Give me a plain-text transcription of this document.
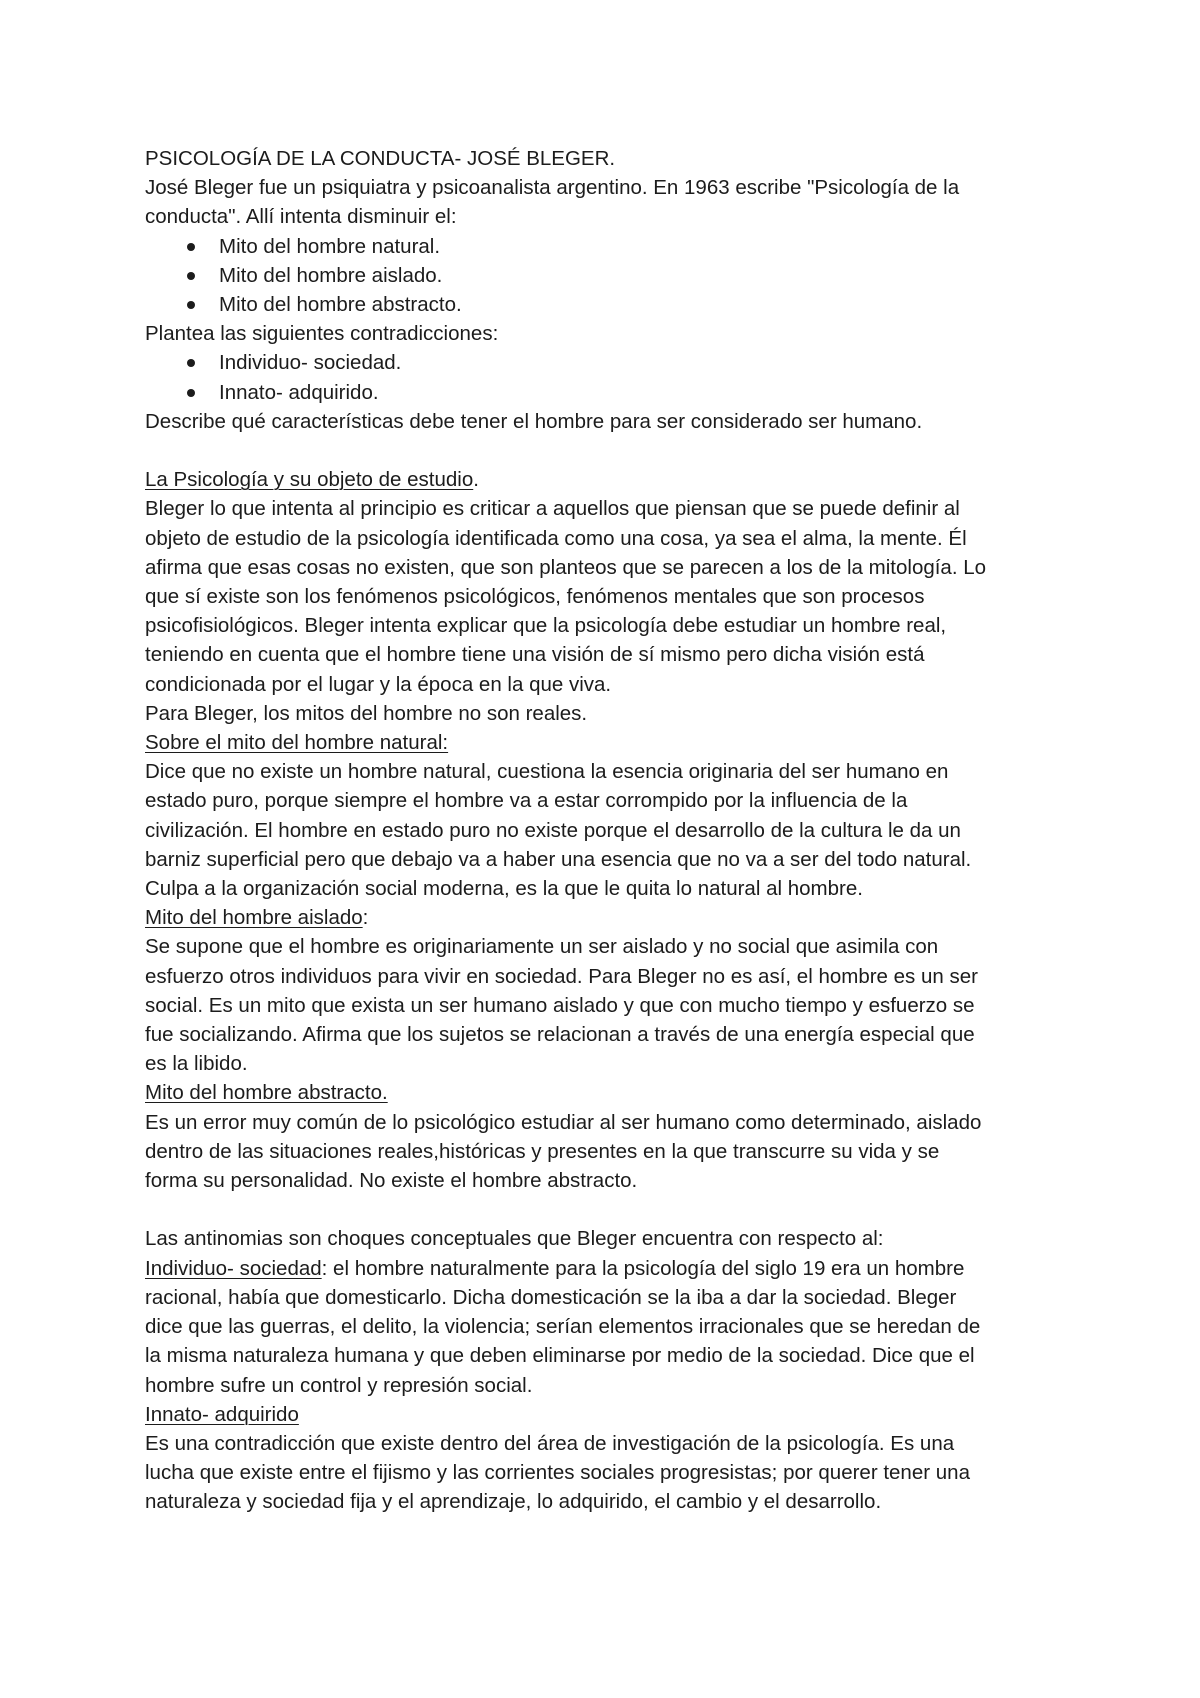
PSICOLOGÍA DE LA CONDUCTA- JOSÉ BLEGER.

José Bleger fue un psiquiatra y psicoanalista argentino. En 1963 escribe "Psicología de la

conducta". Allí intenta disminuir el:

Mito del hombre natural.
Mito del hombre aislado.
Mito del hombre abstracto.

Plantea las siguientes contradicciones:

Individuo- sociedad.
Innato- adquirido.

Describe qué características debe tener el hombre para ser considerado ser humano.

La Psicología y su objeto de estudio.

Bleger lo que intenta al principio es criticar a aquellos que piensan que se puede definir al

objeto de estudio de la psicología identificada como una cosa, ya sea el alma, la mente. Él

afirma que esas cosas no existen, que son planteos que se parecen a los de la mitología. Lo

que sí existe son los fenómenos psicológicos, fenómenos mentales que son procesos

psicofisiológicos. Bleger intenta explicar que la psicología debe estudiar un hombre real,

teniendo en cuenta que el hombre tiene una visión de sí mismo pero dicha visión está

condicionada por el lugar y la época en la que viva.

Para Bleger, los mitos del hombre no son reales.

Sobre el mito del hombre natural:

Dice que no existe un hombre natural, cuestiona la esencia originaria del ser humano en

estado puro, porque siempre el hombre va a estar corrompido por la influencia de la

civilización. El hombre en estado puro no existe porque el desarrollo de la cultura le da un

barniz superficial pero que debajo va a haber una esencia que no va a ser del todo natural.

Culpa a la organización social moderna, es la que le quita lo natural al hombre.

Mito del hombre aislado:

Se supone que el hombre es originariamente un ser aislado y no social que asimila con

esfuerzo otros individuos para vivir en sociedad. Para Bleger no es así, el hombre es un ser

social. Es un mito que exista un ser humano aislado y que con mucho tiempo y esfuerzo se

fue socializando. Afirma que los sujetos se relacionan a través de una energía especial que

es la libido.

Mito del hombre abstracto.

Es un error muy común de lo psicológico estudiar al ser humano como determinado, aislado

dentro de las situaciones reales,históricas y presentes en la que transcurre su vida y se

forma su personalidad. No existe el hombre abstracto.

Las antinomias son choques conceptuales que Bleger encuentra con respecto al:

Individuo- sociedad: el hombre naturalmente para la psicología del siglo 19 era un hombre

racional, había que domesticarlo. Dicha domesticación se la iba a dar la sociedad. Bleger

dice que las guerras, el delito, la violencia; serían elementos irracionales que se heredan de

la misma naturaleza humana y que deben eliminarse por medio de la sociedad. Dice que el

hombre sufre un control y represión social.

Innato- adquirido

Es una contradicción que existe dentro del área de investigación de la psicología. Es una

lucha que existe entre el fijismo y las corrientes sociales progresistas; por querer tener una

naturaleza y sociedad fija y el aprendizaje, lo adquirido, el cambio y el desarrollo.
